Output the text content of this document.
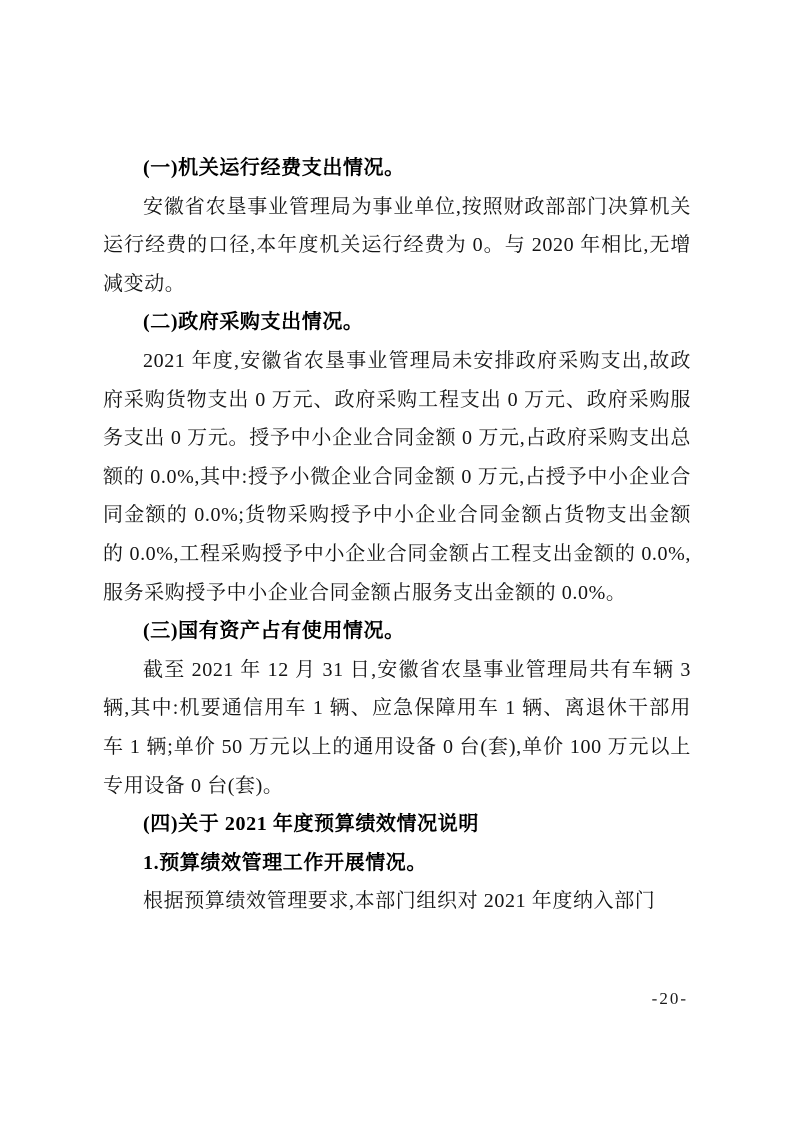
(一)机关运行经费支出情况。

安徽省农垦事业管理局为事业单位,按照财政部部门决算机关运行经费的口径,本年度机关运行经费为 0。与 2020 年相比,无增减变动。

(二)政府采购支出情况。

2021 年度,安徽省农垦事业管理局未安排政府采购支出,故政府采购货物支出 0 万元、政府采购工程支出 0 万元、政府采购服务支出 0 万元。授予中小企业合同金额 0 万元,占政府采购支出总额的 0.0%,其中:授予小微企业合同金额 0 万元,占授予中小企业合同金额的 0.0%;货物采购授予中小企业合同金额占货物支出金额的 0.0%,工程采购授予中小企业合同金额占工程支出金额的 0.0%,服务采购授予中小企业合同金额占服务支出金额的 0.0%。

(三)国有资产占有使用情况。

截至 2021 年 12 月 31 日,安徽省农垦事业管理局共有车辆 3 辆,其中:机要通信用车 1 辆、应急保障用车 1 辆、离退休干部用车 1 辆;单价 50 万元以上的通用设备 0 台(套),单价 100 万元以上专用设备 0 台(套)。

(四)关于 2021 年度预算绩效情况说明
1.预算绩效管理工作开展情况。

根据预算绩效管理要求,本部门组织对 2021 年度纳入部门

-20-
